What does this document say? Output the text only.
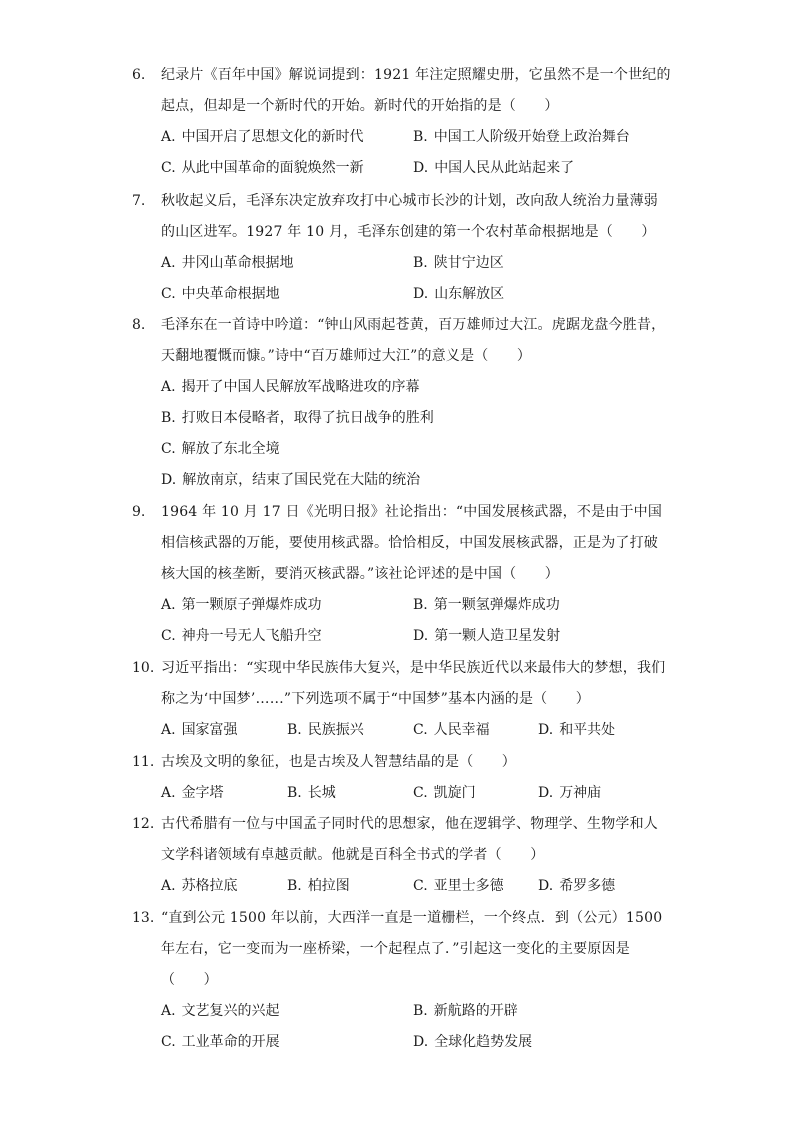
6. 纪录片《百年中国》解说词提到：1921 年注定照耀史册，它虽然不是一个世纪的起点，但却是一个新时代的开始。新时代的开始指的是（　　）
A. 中国开启了思想文化的新时代	B. 中国工人阶级开始登上政治舞台
C. 从此中国革命的面貌焕然一新	D. 中国人民从此站起来了
7. 秋收起义后，毛泽东决定放弃攻打中心城市长沙的计划，改向敌人统治力量薄弱的山区进军。1927 年 10 月，毛泽东创建的第一个农村革命根据地是（　　）
A. 井冈山革命根据地	B. 陕甘宁边区
C. 中央革命根据地	D. 山东解放区
8. 毛泽东在一首诗中吟道：“钟山风雨起苍黄，百万雄师过大江。虎踞龙盘今胜昔，天翻地覆慨而慷。”诗中“百万雄师过大江”的意义是（　　）
A. 揭开了中国人民解放军战略进攻的序幕
B. 打败日本侵略者，取得了抗日战争的胜利
C. 解放了东北全境
D. 解放南京，结束了国民党在大陆的统治
9. 1964 年 10 月 17 日《光明日报》社论指出：“中国发展核武器，不是由于中国相信核武器的万能，要使用核武器。恰恰相反，中国发展核武器，正是为了打破核大国的核垄断，要消灭核武器。”该社论评述的是中国（　　）
A. 第一颗原子弹爆炸成功	B. 第一颗氢弹爆炸成功
C. 神舟一号无人飞船升空	D. 第一颗人造卫星发射
10. 习近平指出：“实现中华民族伟大复兴，是中华民族近代以来最伟大的梦想，我们称之为‘中国梦’……”下列选项不属于“中国梦”基本内涵的是（　　）
A. 国家富强	B. 民族振兴	C. 人民幸福	D. 和平共处
11. 古埃及文明的象征，也是古埃及人智慧结晶的是（　　）
A. 金字塔	B. 长城	C. 凯旋门	D. 万神庙
12. 古代希腊有一位与中国孟子同时代的思想家，他在逻辑学、物理学、生物学和人文学科诸领域有卓越贡献。他就是百科全书式的学者（　　）
A. 苏格拉底	B. 柏拉图	C. 亚里士多德 D. 希罗多德
13. “直到公元 1500 年以前，大西洋一直是一道栅栏，一个终点．到（公元）1500 年左右，它一变而为一座桥梁，一个起程点了．”引起这一变化的主要原因是（　　）
A. 文艺复兴的兴起	B. 新航路的开辟
C. 工业革命的开展	D. 全球化趋势发展
